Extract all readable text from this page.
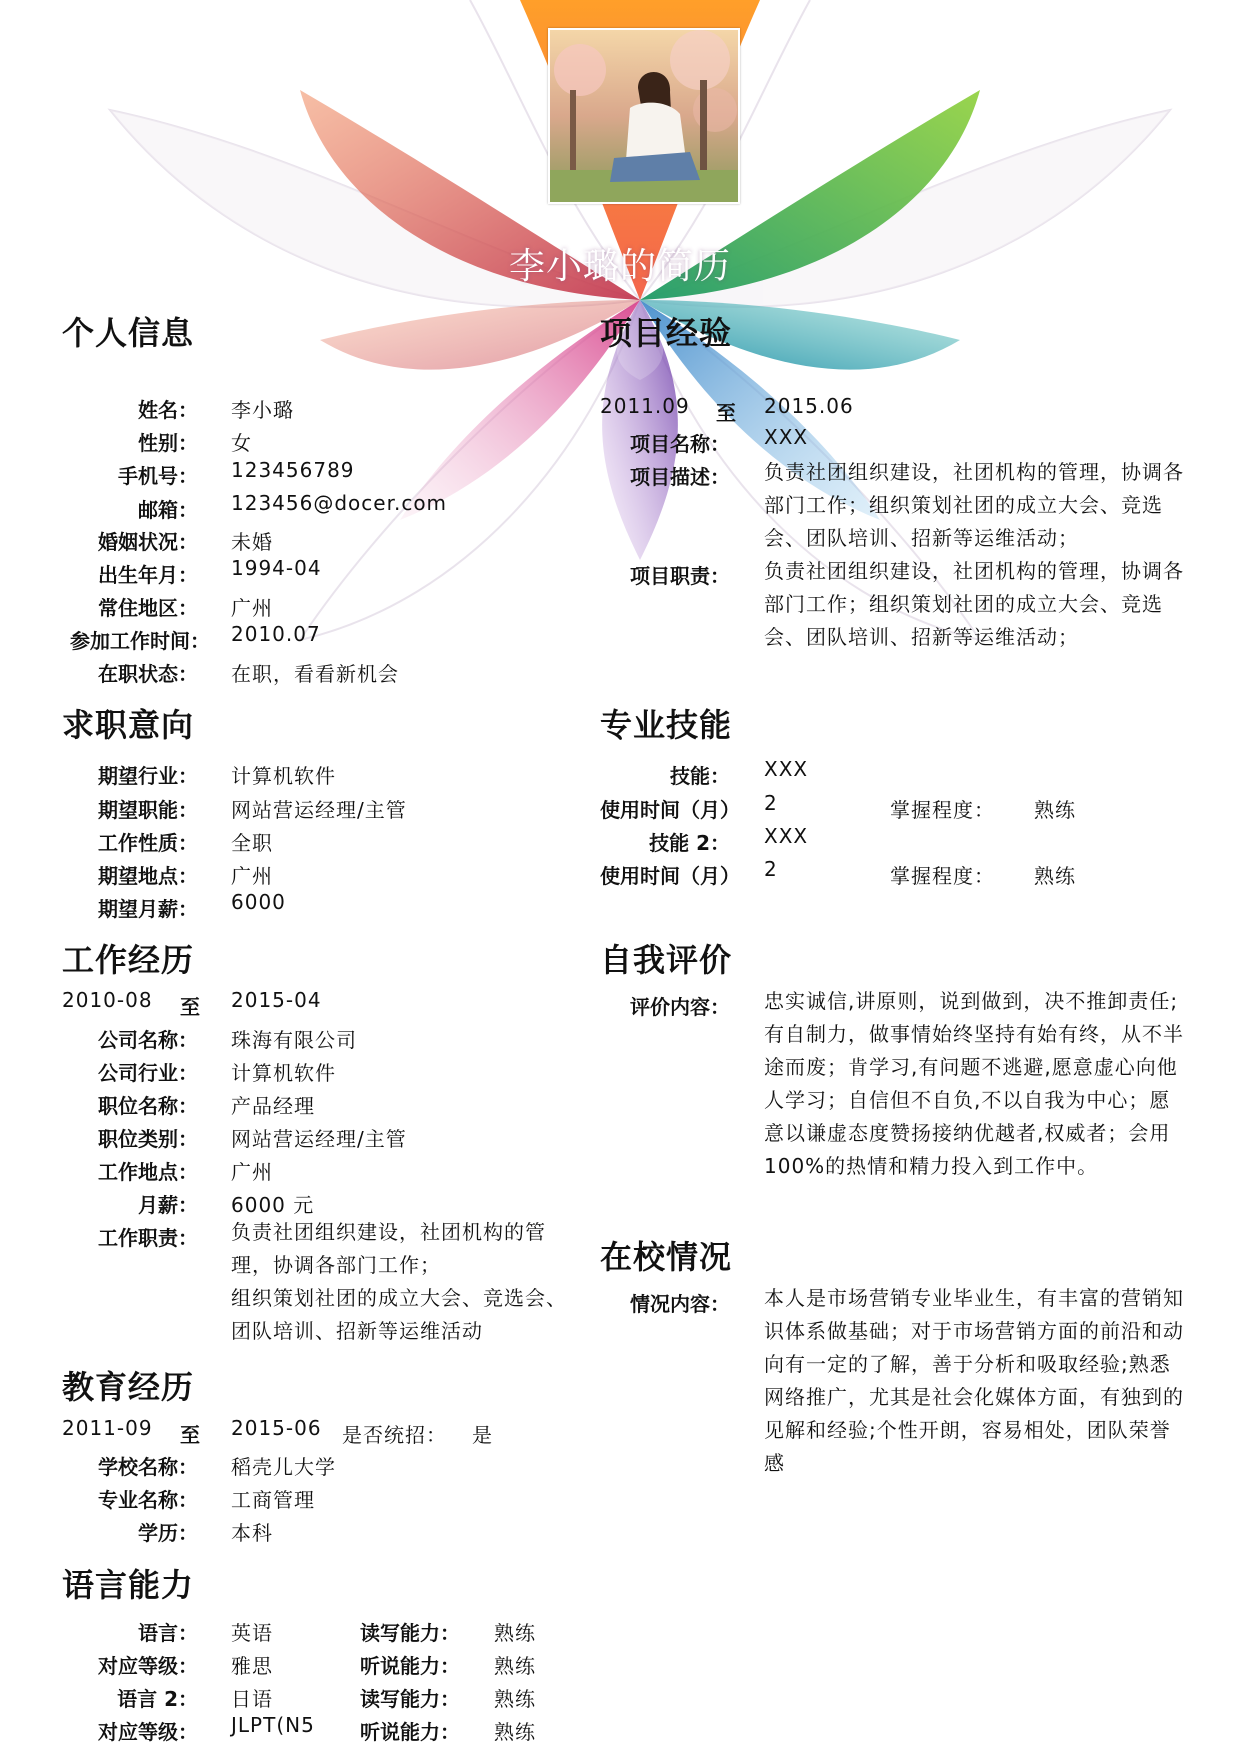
李小璐的简历
个人信息
姓名： 李小璐
性别： 女
手机号： 123456789
邮箱： 123456@docer.com
婚姻状况： 未婚
出生年月： 1994-04
常住地区： 广州
参加工作时间： 2010.07
在职状态： 在职，看看新机会
求职意向
期望行业： 计算机软件
期望职能： 网站营运经理/主管
工作性质： 全职
期望地点： 广州
期望月薪： 6000
工作经历
2010-08	至 2015-04
公司名称： 珠海有限公司
公司行业： 计算机软件
职位名称： 产品经理
职位类别： 网站营运经理/主管
工作地点： 广州
月薪： 6000 元
工作职责： 负责社团组织建设，社团机构的管理，协调各部门工作；
组织策划社团的成立大会、竞选会、团队培训、招新等运维活动
教育经历
2011-09	至 2015-06 是否统招： 是
学校名称： 稻壳儿大学
专业名称： 工商管理
学历： 本科
语言能力
语言： 英语	读写能力： 熟练
对应等级： 雅思	听说能力： 熟练
语言 2： 日语	读写能力： 熟练
对应等级： JLPT(N5	听说能力： 熟练
项目经验
2011.09	至 2015.06
项目名称： XXX
项目描述： 负责社团组织建设，社团机构的管理，协调各部门工作；组织策划社团的成立大会、竞选会、团队培训、招新等运维活动；
项目职责： 负责社团组织建设，社团机构的管理，协调各部门工作；组织策划社团的成立大会、竞选会、团队培训、招新等运维活动；
专业技能
技能： XXX
使用时间（月） 2	掌握程度： 熟练
技能 2： XXX
使用时间（月） 2	掌握程度： 熟练
自我评价
评价内容： 忠实诚信,讲原则，说到做到，决不推卸责任;有自制力，做事情始终坚持有始有终，从不半途而废；肯学习,有问题不逃避,愿意虚心向他人学习；自信但不自负,不以自我为中心；愿意以谦虚态度赞扬接纳优越者,权威者；会用 100%的热情和精力投入到工作中。
在校情况
情况内容： 本人是市场营销专业毕业生，有丰富的营销知识体系做基础；对于市场营销方面的前沿和动向有一定的了解，善于分析和吸取经验;熟悉网络推广，尤其是社会化媒体方面，有独到的见解和经验;个性开朗，容易相处，团队荣誉感
